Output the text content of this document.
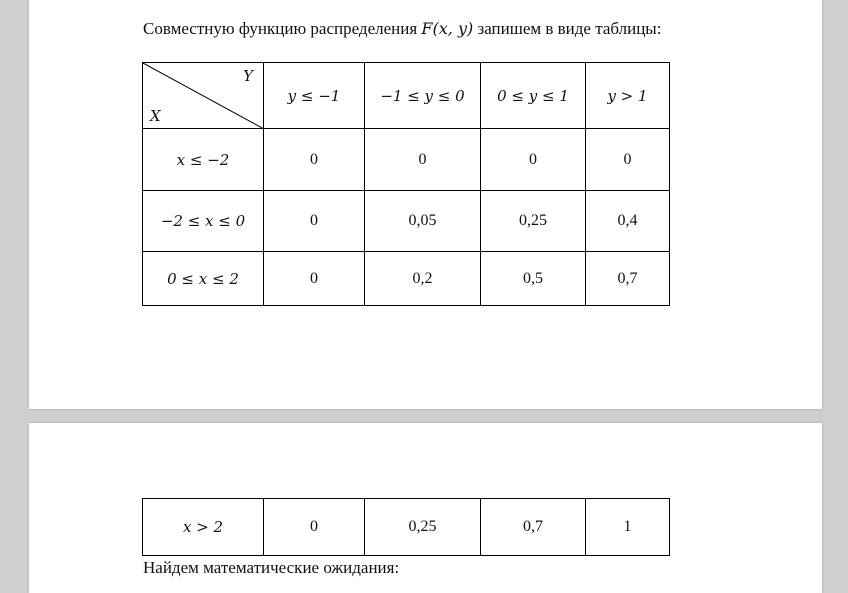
Совместную функцию распределения F(x, y) запишем в виде таблицы:
Y
X	y ≤ −1	−1 ≤ y ≤ 0	0 ≤ y ≤ 1	y > 1
x ≤ −2	0	0	0	0
−2 ≤ x ≤ 0	0	0,05	0,25	0,4
0 ≤ x ≤ 2	0	0,2	0,5	0,7
x > 2	0	0,25	0,7	1
Найдем математические ожидания:
